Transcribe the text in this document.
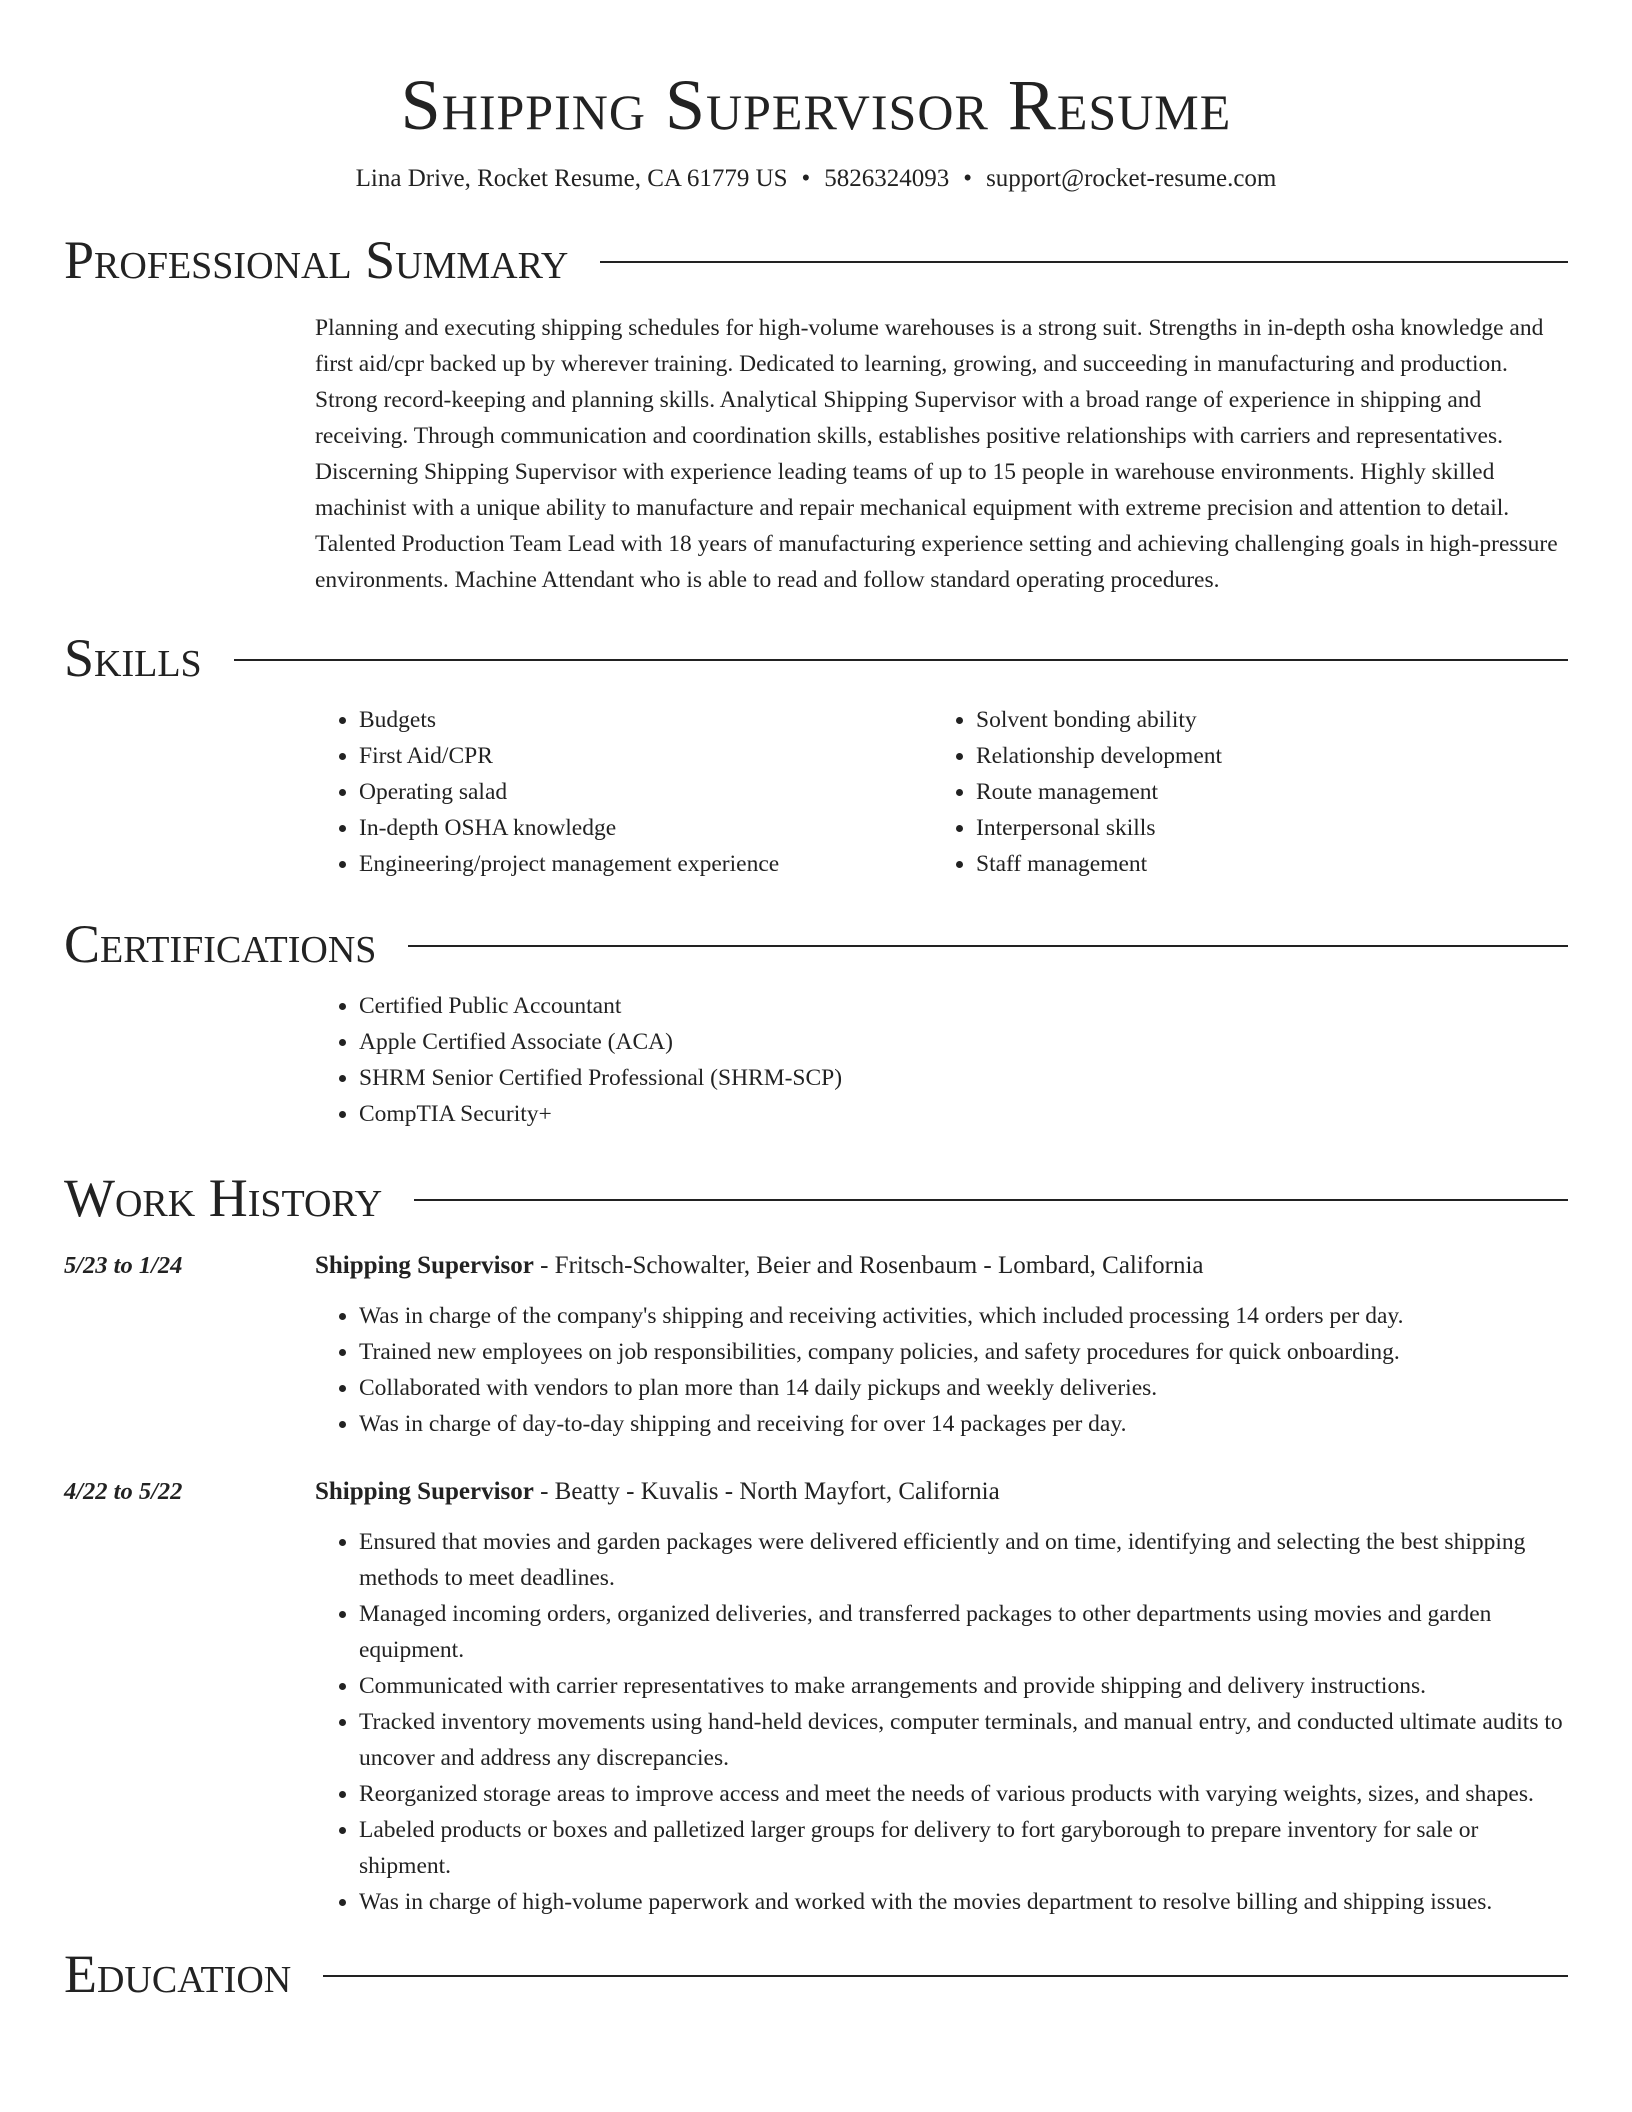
Shipping Supervisor Resume
Lina Drive, Rocket Resume, CA 61779 US • 5826324093 • support@rocket-resume.com
Professional Summary

Planning and executing shipping schedules for high-volume warehouses is a strong suit. Strengths in in-depth osha knowledge and first aid/cpr backed up by wherever training. Dedicated to learning, growing, and succeeding in manufacturing and production. Strong record-keeping and planning skills. Analytical Shipping Supervisor with a broad range of experience in shipping and receiving. Through communication and coordination skills, establishes positive relationships with carriers and representatives. Discerning Shipping Supervisor with experience leading teams of up to 15 people in warehouse environments. Highly skilled machinist with a unique ability to manufacture and repair mechanical equipment with extreme precision and attention to detail. Talented Production Team Lead with 18 years of manufacturing experience setting and achieving challenging goals in high-pressure environments. Machine Attendant who is able to read and follow standard operating procedures.

Skills
• Budgets
• First Aid/CPR
• Operating salad
• In-depth OSHA knowledge
• Engineering/project management experience
• Solvent bonding ability
• Relationship development
• Route management
• Interpersonal skills
• Staff management
Certifications
• Certified Public Accountant
• Apple Certified Associate (ACA)
• SHRM Senior Certified Professional (SHRM-SCP)
• CompTIA Security+
Work History
5/23 to 1/24	Shipping Supervisor - Fritsch-Schowalter, Beier and Rosenbaum - Lombard, California
• Was in charge of the company's shipping and receiving activities, which included processing 14 orders per day.
• Trained new employees on job responsibilities, company policies, and safety procedures for quick onboarding.
• Collaborated with vendors to plan more than 14 daily pickups and weekly deliveries.
• Was in charge of day-to-day shipping and receiving for over 14 packages per day.
4/22 to 5/22	Shipping Supervisor - Beatty - Kuvalis - North Mayfort, California
• Ensured that movies and garden packages were delivered efficiently and on time, identifying and selecting the best shipping methods to meet deadlines.
• Managed incoming orders, organized deliveries, and transferred packages to other departments using movies and garden equipment.
• Communicated with carrier representatives to make arrangements and provide shipping and delivery instructions.
• Tracked inventory movements using hand-held devices, computer terminals, and manual entry, and conducted ultimate audits to uncover and address any discrepancies.
• Reorganized storage areas to improve access and meet the needs of various products with varying weights, sizes, and shapes.
• Labeled products or boxes and palletized larger groups for delivery to fort garyborough to prepare inventory for sale or shipment.
• Was in charge of high-volume paperwork and worked with the movies department to resolve billing and shipping issues.
Education
